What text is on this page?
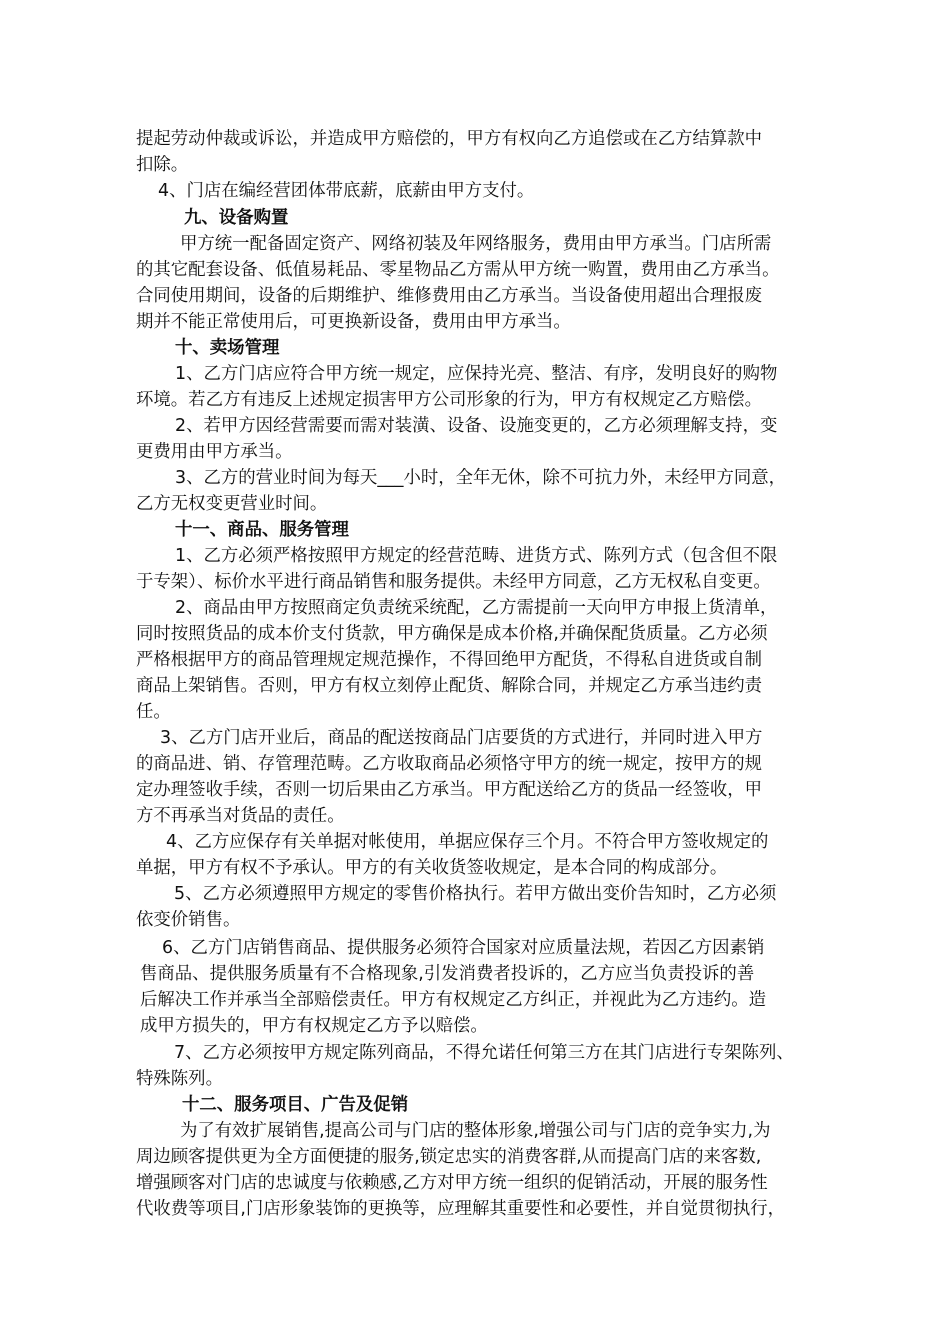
提起劳动仲裁或诉讼，并造成甲方赔偿的，甲方有权向乙方追偿或在乙方结算款中
扣除。
4、门店在编经营团体带底薪，底薪由甲方支付。
九、设备购置
甲方统一配备固定资产、网络初装及年网络服务，费用由甲方承当。门店所需
的其它配套设备、低值易耗品、零星物品乙方需从甲方统一购置，费用由乙方承当。
合同使用期间，设备的后期维护、维修费用由乙方承当。当设备使用超出合理报废
期并不能正常使用后，可更换新设备，费用由甲方承当。
十、卖场管理
1、乙方门店应符合甲方统一规定，应保持光亮、整洁、有序，发明良好的购物
环境。若乙方有违反上述规定损害甲方公司形象的行为，甲方有权规定乙方赔偿。
2、若甲方因经营需要而需对装潢、设备、设施变更的，乙方必须理解支持，变
更费用由甲方承当。
3、乙方的营业时间为每天___小时，全年无休，除不可抗力外，未经甲方同意，
乙方无权变更营业时间。
十一、商品、服务管理
1、乙方必须严格按照甲方规定的经营范畴、进货方式、陈列方式（包含但不限
于专架）、标价水平进行商品销售和服务提供。未经甲方同意，乙方无权私自变更。
2、商品由甲方按照商定负责统采统配，乙方需提前一天向甲方申报上货清单，
同时按照货品的成本价支付货款，甲方确保是成本价格,并确保配货质量。乙方必须
严格根据甲方的商品管理规定规范操作，不得回绝甲方配货，不得私自进货或自制
商品上架销售。否则，甲方有权立刻停止配货、解除合同，并规定乙方承当违约责
任。
3、乙方门店开业后，商品的配送按商品门店要货的方式进行，并同时进入甲方
的商品进、销、存管理范畴。乙方收取商品必须恪守甲方的统一规定，按甲方的规
定办理签收手续，否则一切后果由乙方承当。甲方配送给乙方的货品一经签收，甲
方不再承当对货品的责任。
4、乙方应保存有关单据对帐使用，单据应保存三个月。不符合甲方签收规定的
单据，甲方有权不予承认。甲方的有关收货签收规定，是本合同的构成部分。
5、乙方必须遵照甲方规定的零售价格执行。若甲方做出变价告知时，乙方必须
依变价销售。
6、乙方门店销售商品、提供服务必须符合国家对应质量法规，若因乙方因素销
售商品、提供服务质量有不合格现象,引发消费者投诉的，乙方应当负责投诉的善
后解决工作并承当全部赔偿责任。甲方有权规定乙方纠正，并视此为乙方违约。造
成甲方损失的，甲方有权规定乙方予以赔偿。
7、乙方必须按甲方规定陈列商品，不得允诺任何第三方在其门店进行专架陈列、
特殊陈列。
十二、服务项目、广告及促销
为了有效扩展销售,提高公司与门店的整体形象,增强公司与门店的竞争实力,为
周边顾客提供更为全方面便捷的服务,锁定忠实的消费客群,从而提高门店的来客数,
增强顾客对门店的忠诚度与依赖感,乙方对甲方统一组织的促销活动，开展的服务性
代收费等项目,门店形象装饰的更换等，应理解其重要性和必要性，并自觉贯彻执行，
